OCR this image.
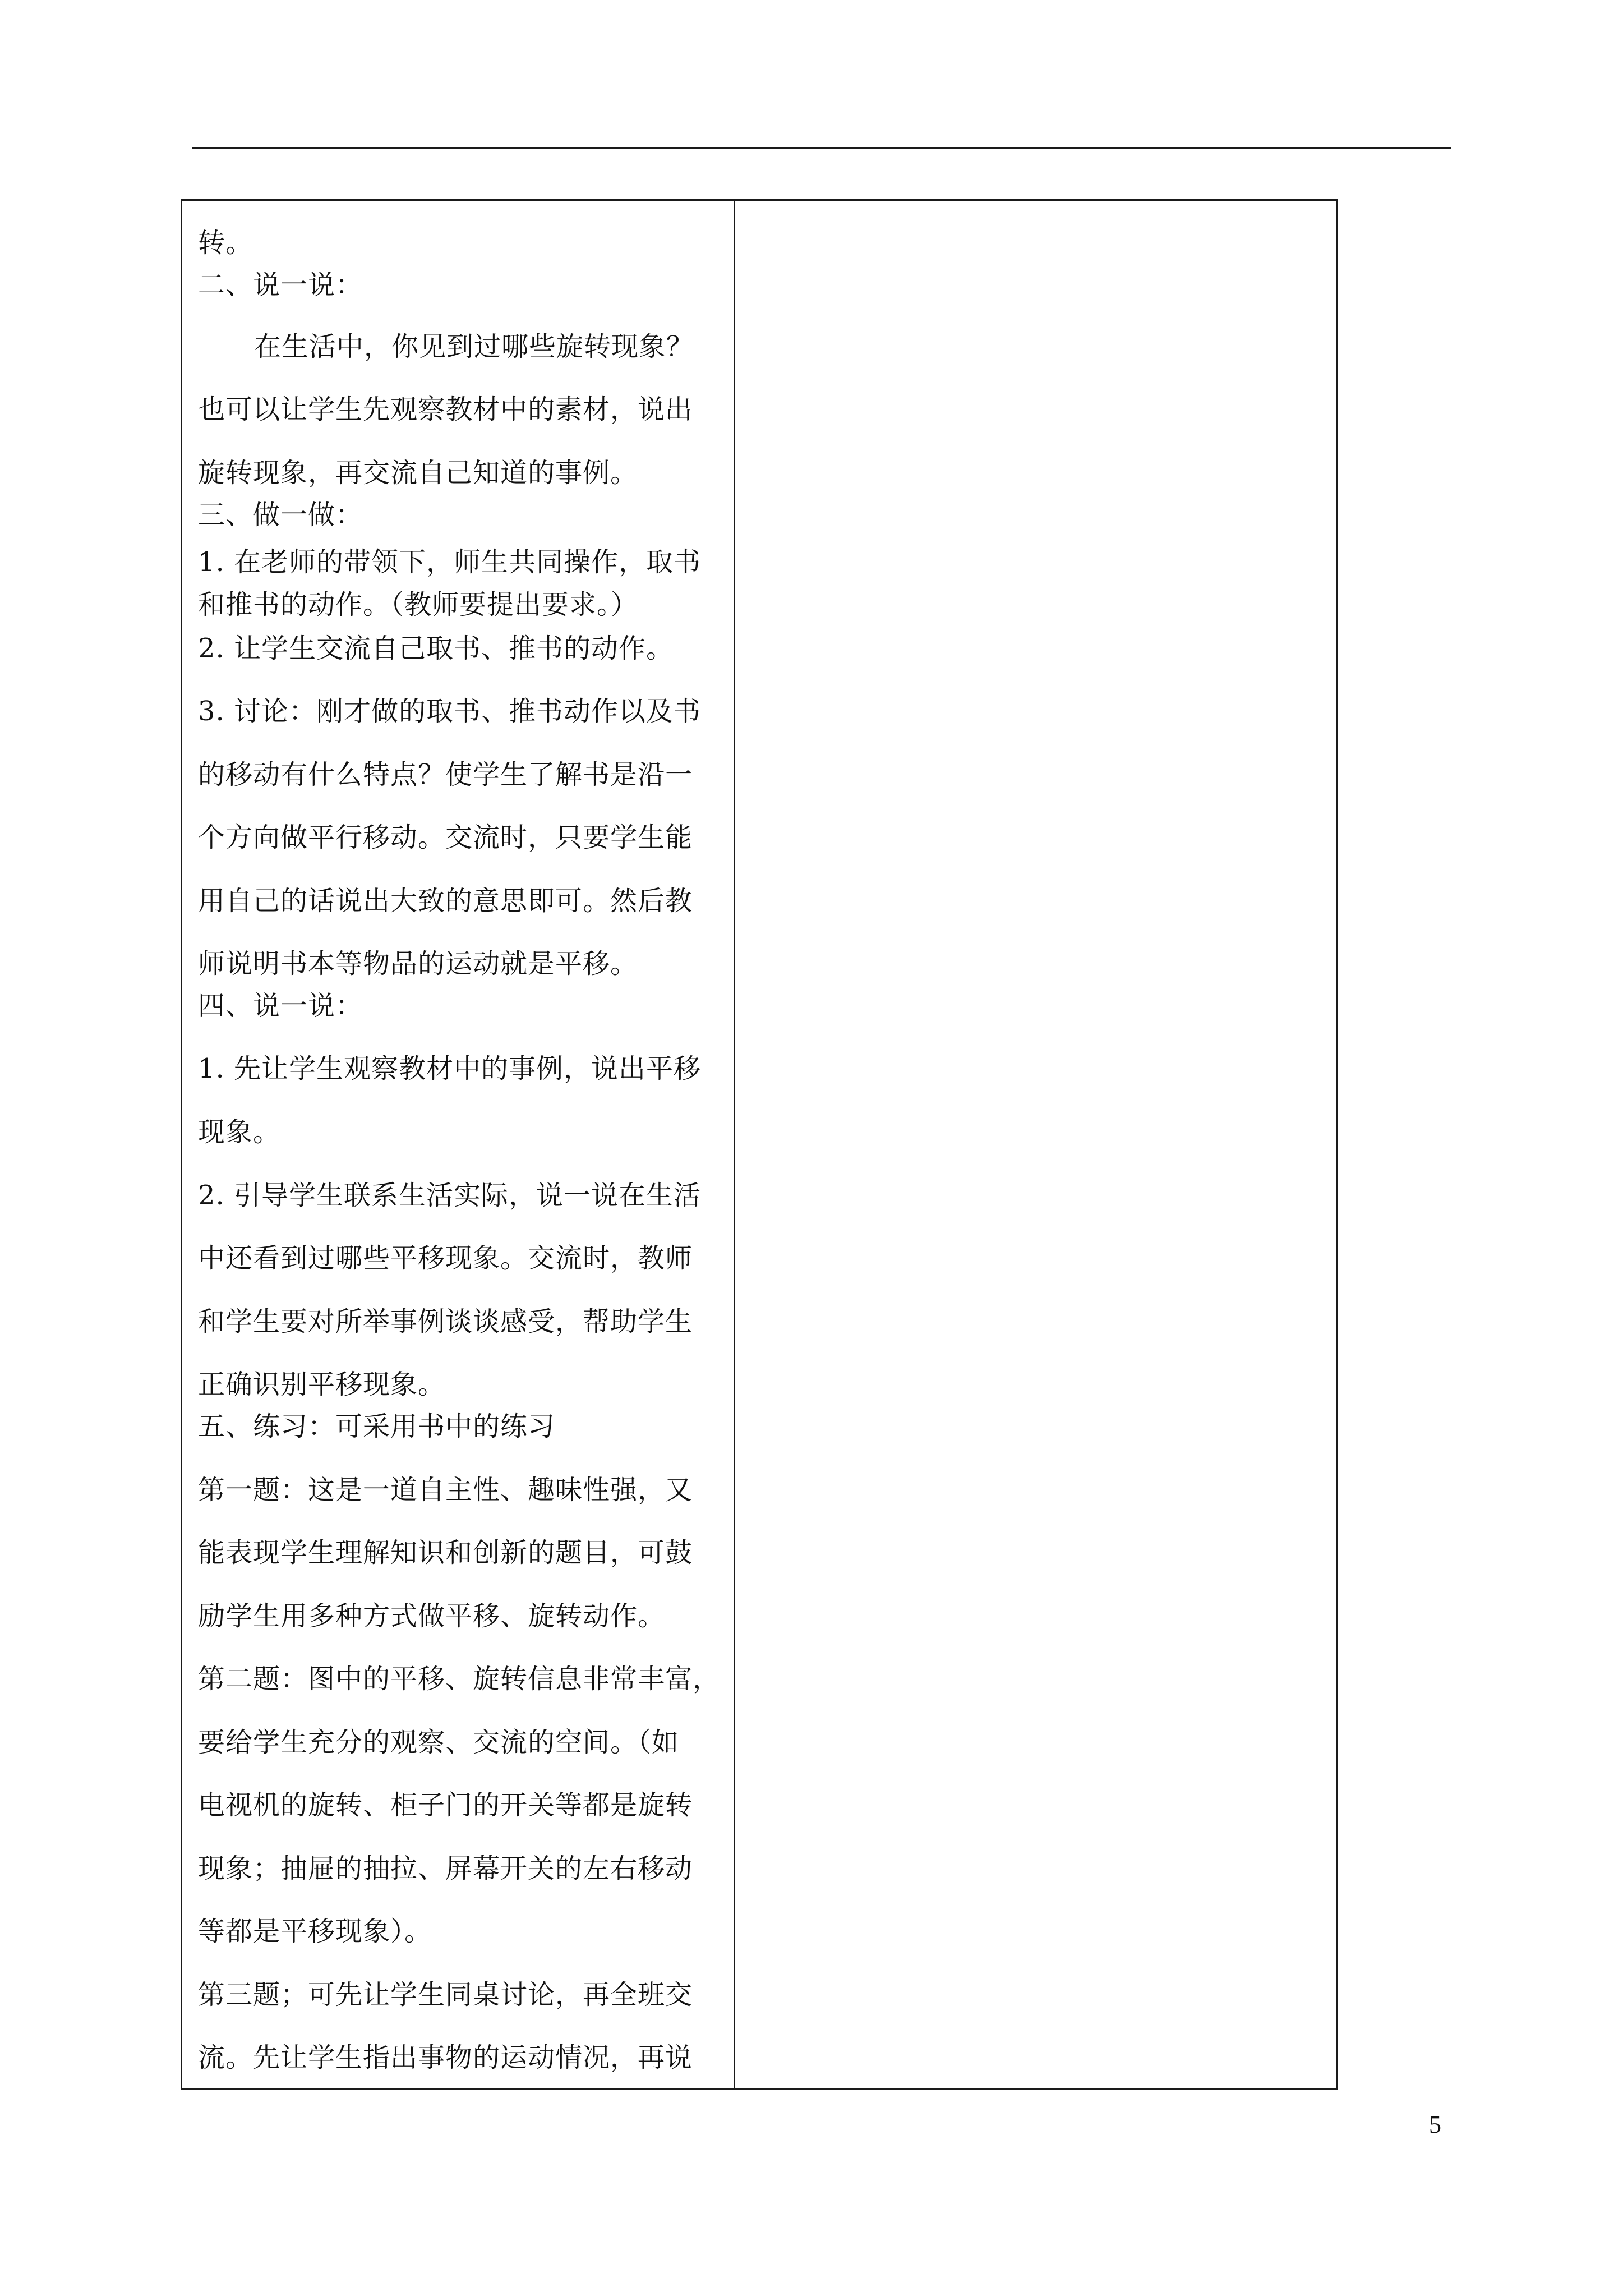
转。
二、说一说：
在生活中，你见到过哪些旋转现象？
也可以让学生先观察教材中的素材，说出
旋转现象，再交流自己知道的事例。
三、做一做：
1. 在老师的带领下，师生共同操作，取书
和推书的动作。（教师要提出要求。）
2. 让学生交流自己取书、推书的动作。
3. 讨论：刚才做的取书、推书动作以及书
的移动有什么特点？使学生了解书是沿一
个方向做平行移动。交流时，只要学生能
用自己的话说出大致的意思即可。然后教
师说明书本等物品的运动就是平移。
四、说一说：
1. 先让学生观察教材中的事例，说出平移
现象。
2. 引导学生联系生活实际，说一说在生活
中还看到过哪些平移现象。交流时，教师
和学生要对所举事例谈谈感受，帮助学生
正确识别平移现象。
五、练习：可采用书中的练习
第一题：这是一道自主性、趣味性强，又
能表现学生理解知识和创新的题目，可鼓
励学生用多种方式做平移、旋转动作。
第二题：图中的平移、旋转信息非常丰富，
要给学生充分的观察、交流的空间。（如
电视机的旋转、柜子门的开关等都是旋转
现象；抽屉的抽拉、屏幕开关的左右移动
等都是平移现象）。
第三题；可先让学生同桌讨论，再全班交
流。先让学生指出事物的运动情况，再说
5
